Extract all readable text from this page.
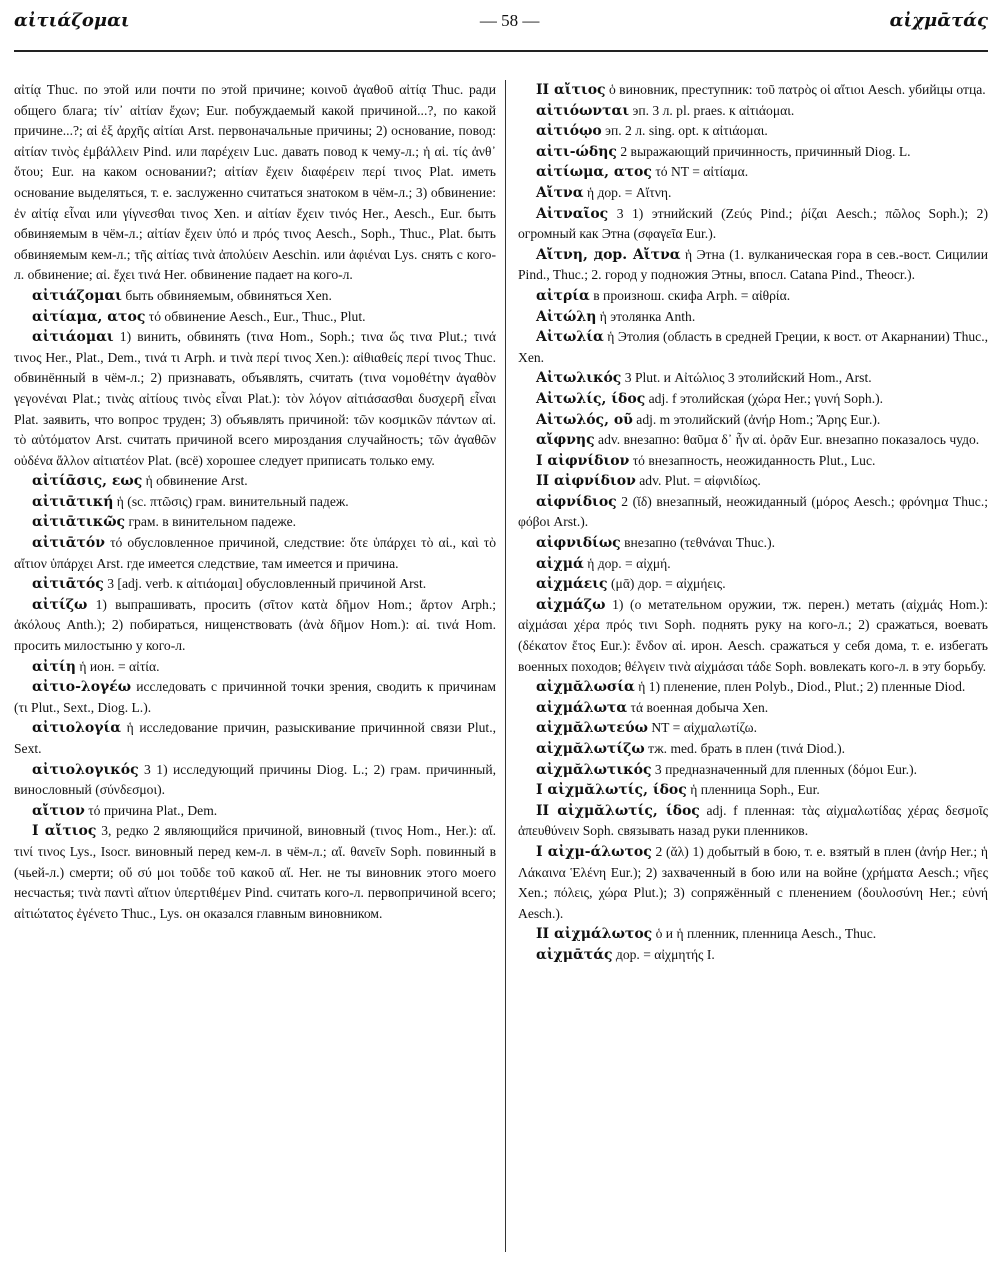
αἰτιάζομαι	— 58 —	αἰχμᾱτάς

αἰτίᾳ Thuc. по этой или почти по этой причине; κοινοῦ ἀγαθοῦ αἰτίᾳ Thuc. ради общего блага; τίν᾽ αἰτίαν ἔχων; Eur. побуждаемый какой причиной...?, по какой причине...?; αἱ ἐξ ἀρχῆς αἰτίαι Arst. первоначальные причины; 2) основание, повод: αἰτίαν τινὸς ἐμβάλλειν Pind. или παρέχειν Luc. давать повод к чему-л.; ἡ αἰ. τίς ἀνθ᾽ ὅτου; Eur. на каком основании?; αἰτίαν ἔχειν διαφέρειν περί τινος Plat. иметь основание выделяться, т. е. заслуженно считаться знатоком в чём-л.; 3) обвинение: ἐν αἰτίᾳ εἶναι или γίγνεσθαι τινος Xen. и αἰτίαν ἔχειν τινός Her., Aesch., Eur. быть обвиняемым в чём-л.; αἰτίαν ἔχειν ὑπό и πρός τινος Aesch., Soph., Thuc., Plat. быть обвиняемым кем-л.; τῆς αἰτίας τινὰ ἀπολύειν Aeschin. или ἀφιέναι Lys. снять с кого-л. обвинение; αἰ. ἔχει τινά Her. обвинение падает на кого-л.

αἰτιάζομαι быть обвиняемым, обвиняться Xen.

αἰτίαμα, ατος τό обвинение Aesch., Eur., Thuc., Plut.

αἰτιάομαι 1) винить, обвинять (τινα Hom., Soph.; τινα ὥς τινα Plut.; τινά τινος Her., Plat., Dem., τινά τι Arph. и τινὰ περί τινος Xen.): αἰθιαθείς περί τινος Thuc. обвинённый в чём-л.; 2) признавать, объявлять, считать (τινα νομοθέτην ἀγαθὸν γεγονέναι Plat.; τινὰς αἰτίους τινὸς εἶναι Plat.): τὸν λόγον αἰτιάσασθαι δυσχερῆ εἶναι Plat. заявить, что вопрос труден; 3) объявлять причиной: τῶν κοσμικῶν πάντων αἰ. τὸ αὐτόματον Arst. считать причиной всего мироздания случайность; τῶν ἀγαθῶν οὐδένα ἄλλον αἰτιατέον Plat. (всё) хорошее следует приписать только ему.

αἰτίᾱσις, εως ἡ обвинение Arst.

αἰτιᾱτική ἡ (sc. πτῶσις) грам. винительный падеж.

αἰτιᾱτικῶς грам. в винительном падеже.

αἰτιᾱτόν τό обусловленное причиной, следствие: ὅτε ὑπάρχει τὸ αἰ., καὶ τὸ αἴτιον ὑπάρχει Arst. где имеется следствие, там имеется и причина.

αἰτιᾱτός 3 [adj. verb. к αἰτιάομαι] обусловленный причиной Arst.

αἰτίζω 1) выпрашивать, просить (σῖτον κατὰ δῆμον Hom.; ἄρτον Arph.; ἀκόλους Anth.); 2) побираться, нищенствовать (ἀνὰ δῆμον Hom.): αἰ. τινά Hom. просить милостыню у кого-л.

αἰτίη ἡ ион. = αἰτία.

αἰτιο-λογέω исследовать с причинной точки зрения, сводить к причинам (τι Plut., Sext., Diog. L.).

αἰτιολογία ἡ исследование причин, разыскивание причинной связи Plut., Sext.

αἰτιολογικός 3 1) исследующий причины Diog. L.; 2) грам. причинный, винословный (σύνδεσμοι).

αἴτιον τό причина Plat., Dem.

I αἴτιος 3, редко 2 являющийся причиной, виновный (τινος Hom., Her.): αἴ. τινί τινος Lys., Isocr. виновный перед кем-л. в чём-л.; αἴ. θανεῖν Soph. повинный в (чьей-л.) смерти; οὔ σύ μοι τοῦδε τοῦ κακοῦ αἴ. Her. не ты виновник этого моего несчастья; τινὰ παντὶ αἴτιον ὑπερτιθέμεν Pind. считать кого-л. первопричиной всего; αἰτιώτατος ἐγένετο Thuc., Lys. он оказался главным виновником.

II αἴτιος ὁ виновник, преступник: τοῦ πατρὸς οἱ αἴτιοι Aesch. убийцы отца.

αἰτιόωνται эп. 3 л. pl. praes. к αἰτιάομαι.

αἰτιόῳο эп. 2 л. sing. opt. к αἰτιάομαι.

αἰτι-ώδης 2 выражающий причинность, причинный Diog. L.

αἰτίωμα, ατος τό NT = αἰτίαμα.

Αἴτνα ἡ дор. = Αἴτνη.

Αἰτναῖος 3 1) этнийский (Ζεύς Pind.; ῥίζαι Aesch.; πῶλος Soph.); 2) огромный как Этна (σφαγεῖα Eur.).

Αἴτνη, дор. Αἴτνα ἡ Этна (1. вулканическая гора в сев.-вост. Сицилии Pind., Thuc.; 2. город у подножия Этны, впосл. Catana Pind., Theocr.).

αἰτρία в произнош. скифа Arph. = αἰθρία.

Αἰτώλη ἡ этолянка Anth.

Αἰτωλία ἡ Этолия (область в средней Греции, к вост. от Акарнании) Thuc., Xen.

Αἰτωλικός 3 Plut. и Αἰτώλιος 3 этолийский Hom., Arst.

Αἰτωλίς, ίδος adj. f этолийская (χώρα Her.; γυνή Soph.).

Αἰτωλός, οῦ adj. m этолийский (ἀνήρ Hom.; Ἄρης Eur.).

αἴφνης adv. внезапно: θαῦμα δ᾽ ἦν αἰ. ὁρᾶν Eur. внезапно показалось чудо.

I αἰφνίδιον τό внезапность, неожиданность Plut., Luc.

II αἰφνίδιον adv. Plut. = αἰφνιδίως.

αἰφνίδιος 2 (ῐδ) внезапный, неожиданный (μόρος Aesch.; φρόνημα Thuc.; φόβοι Arst.).

αἰφνιδίως внезапно (τεθνάναι Thuc.).

αἰχμά ἡ дор. = αἰχμή.

αἰχμάεις (μᾱ) дор. = αἰχμήεις.

αἰχμάζω 1) (о метательном оружии, тж. перен.) метать (αἰχμάς Hom.): αἰχμάσαι χέρα πρός τινι Soph. поднять руку на кого-л.; 2) сражаться, воевать (δέκατον ἔτος Eur.): ἔνδον αἰ. ирон. Aesch. сражаться у себя дома, т. е. избегать военных походов; θέλγειν τινὰ αἰχμάσαι τάδε Soph. вовлекать кого-л. в эту борьбу.

αἰχμᾰλωσία ἡ 1) пленение, плен Polyb., Diod., Plut.; 2) пленные Diod.

αἰχμάλωτα τά военная добыча Xen.

αἰχμᾰλωτεύω NT = αἰχμαλωτίζω.

αἰχμᾰλωτίζω тж. med. брать в плен (τινά Diod.).

αἰχμᾰλωτικός 3 предназначенный для пленных (δόμοι Eur.).

I αἰχμᾰλωτίς, ίδος ἡ пленница Soph., Eur.

II αἰχμᾰλωτίς, ίδος adj. f пленная: τὰς αἰχμαλωτίδας χέρας δεσμοῖς ἀπευθύνειν Soph. связывать назад руки пленников.

I αἰχμ-άλωτος 2 (ᾰλ) 1) добытый в бою, т. е. взятый в плен (ἀνήρ Her.; ἡ Λάκαινα Ἑλένη Eur.); 2) захваченный в бою или на войне (χρήματα Aesch.; νῆες Xen.; πόλεις, χώρα Plut.); 3) сопряжённый с пленением (δουλοσύνη Her.; εὐνή Aesch.).

II αἰχμάλωτος ὁ и ἡ пленник, пленница Aesch., Thuc.

αἰχμᾱτάς дор. = αἰχμητής I.
